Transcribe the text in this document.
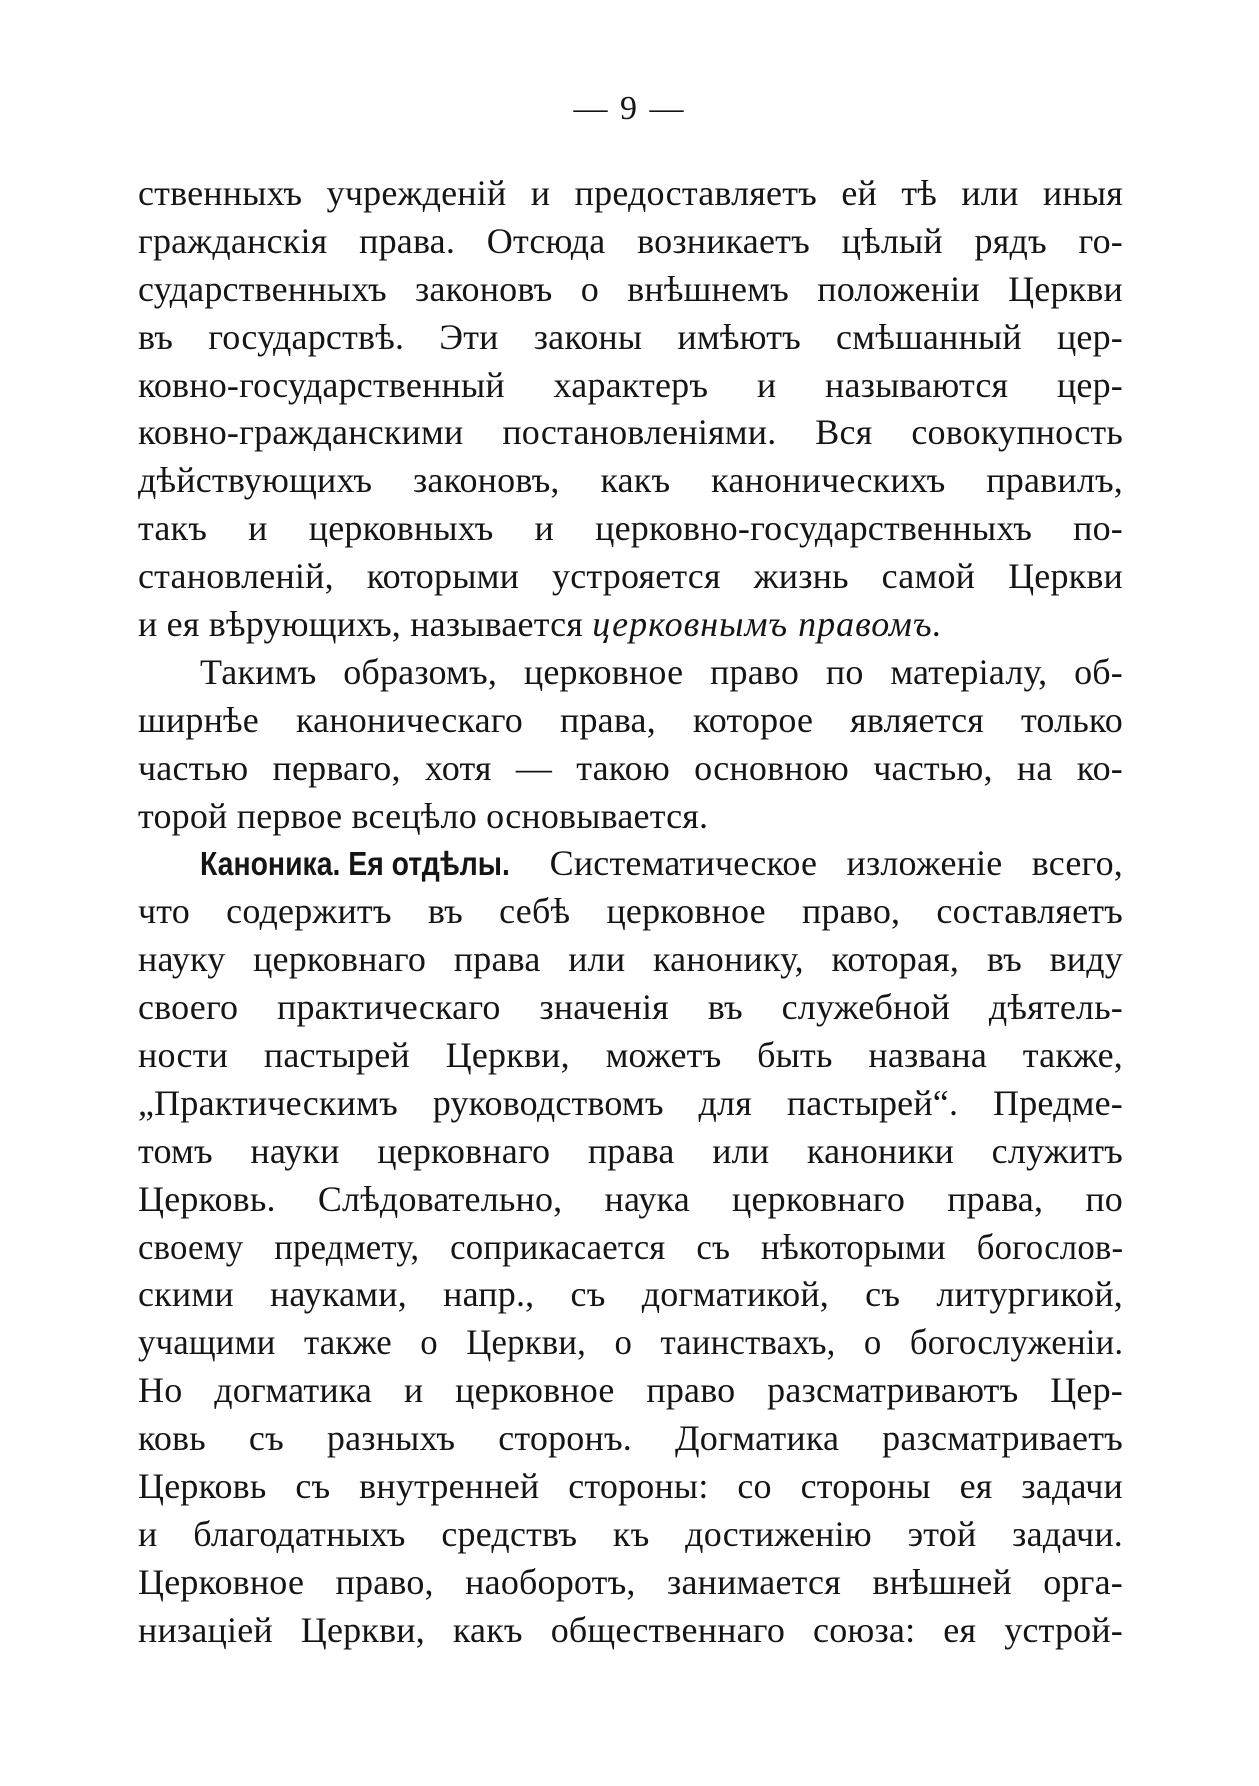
— 9 —
ственныхъ учрежденій и предоставляетъ ей тѣ или иныя
гражданскія права. Отсюда возникаетъ цѣлый рядъ го-
сударственныхъ законовъ о внѣшнемъ положеніи Церкви
въ государствѣ. Эти законы имѣютъ смѣшанный цер-
ковно-государственный характеръ и называются цер-
ковно-гражданскими постановленіями. Вся совокупность
дѣйствующихъ законовъ, какъ каноническихъ правилъ,
такъ и церковныхъ и церковно-государственныхъ по-
становленій, которыми устрояется жизнь самой Церкви
и ея вѣрующихъ, называется церковнымъ правомъ.
Такимъ образомъ, церковное право по матеріалу, об-
ширнѣе каноническаго права, которое является только
частью перваго, хотя — такою основною частью, на ко-
торой первое всецѣло основывается.
Каноника. Ея отдѣлы. Систематическое изложеніе всего,
что содержитъ въ себѣ церковное право, составляетъ
науку церковнаго права или канонику, которая, въ виду
своего практическаго значенія въ служебной дѣятель-
ности пастырей Церкви, можетъ быть названа также,
„Практическимъ руководствомъ для пастырей“. Предме-
томъ науки церковнаго права или каноники служитъ
Церковь. Слѣдовательно, наука церковнаго права, по
своему предмету, соприкасается съ нѣкоторыми богослов-
скими науками, напр., съ догматикой, съ литургикой,
учащими также о Церкви, о таинствахъ, о богослуженіи.
Но догматика и церковное право разсматриваютъ Цер-
ковь съ разныхъ сторонъ. Догматика разсматриваетъ
Церковь съ внутренней стороны: со стороны ея задачи
и благодатныхъ средствъ къ достиженію этой задачи.
Церковное право, наоборотъ, занимается внѣшней орга-
низаціей Церкви, какъ общественнаго союза: ея устрой-
